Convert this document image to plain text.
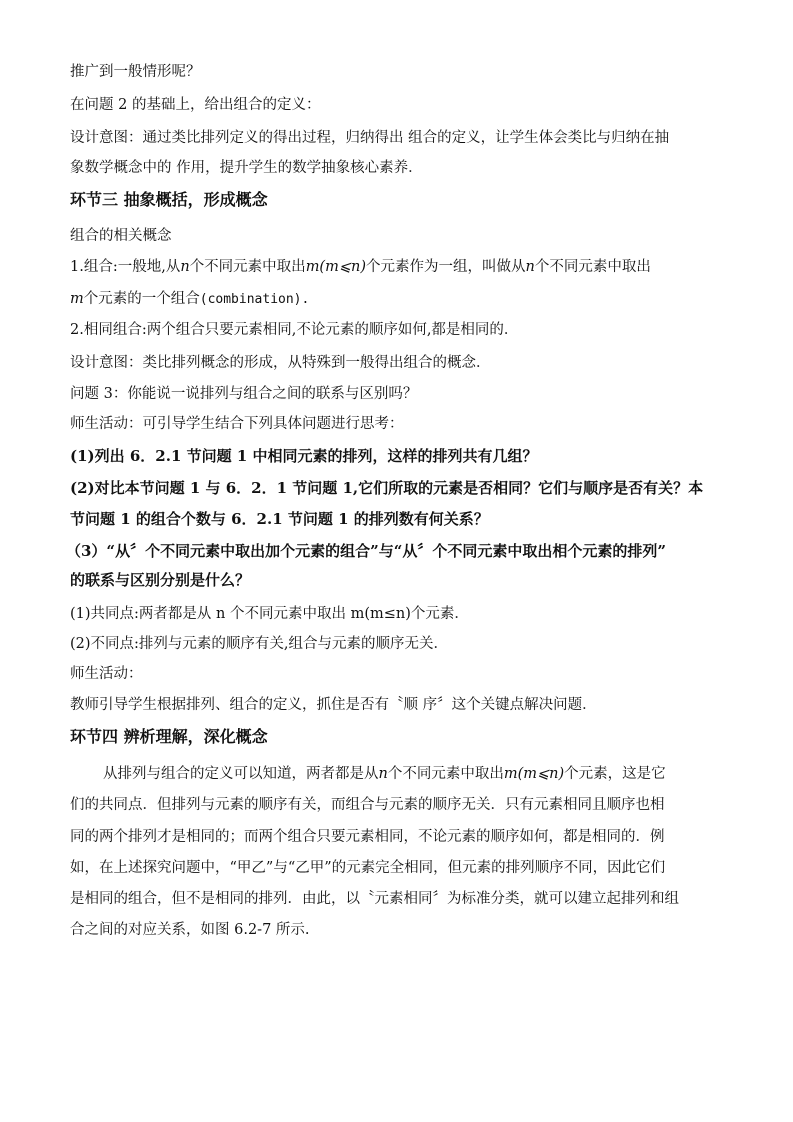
推广到一般情形呢？
在问题 2 的基础上，给出组合的定义：
设计意图：通过类比排列定义的得出过程，归纳得出 组合的定义，让学生体会类比与归纳在抽
象数学概念中的 作用，提升学生的数学抽象核心素养．
环节三 抽象概括，形成概念
组合的相关概念
1.组合:一般地,从n个不同元素中取出m(m⩽n)个元素作为一组，叫做从n个不同元素中取出
m个元素的一个组合(combination).
2.相同组合:两个组合只要元素相同,不论元素的顺序如何,都是相同的．
设计意图：类比排列概念的形成，从特殊到一般得出组合的概念．
问题 3：你能说一说排列与组合之间的联系与区别吗？
师生活动：可引导学生结合下列具体问题进行思考：
(1)列出 6．2.1 节问题 1 中相同元素的排列，这样的排列共有几组？
(2)对比本节问题 1 与 6．2．1 节问题 1,它们所取的元素是否相同？它们与顺序是否有关？本
节问题 1 的组合个数与 6．2.1 节问题 1 的排列数有何关系？
（3）“从〞个不同元素中取出加个元素的组合”与“从〞个不同元素中取出相个元素的排列”
的联系与区别分别是什么？
(1)共同点:两者都是从 n 个不同元素中取出 m(m≤n)个元素．
(2)不同点:排列与元素的顺序有关,组合与元素的顺序无关．
师生活动：
教师引导学生根据排列、组合的定义，抓住是否有〝顺 序〞这个关键点解决问题．
环节四 辨析理解，深化概念
从排列与组合的定义可以知道，两者都是从n个不同元素中取出m(m⩽n)个元素，这是它
们的共同点．但排列与元素的顺序有关，而组合与元素的顺序无关．只有元素相同且顺序也相
同的两个排列才是相同的；而两个组合只要元素相同，不论元素的顺序如何，都是相同的．例
如，在上述探究问题中，“甲乙”与“乙甲”的元素完全相同，但元素的排列顺序不同，因此它们
是相同的组合，但不是相同的排列．由此，以〝元素相同〞为标准分类，就可以建立起排列和组
合之间的对应关系，如图 6.2-7 所示.
